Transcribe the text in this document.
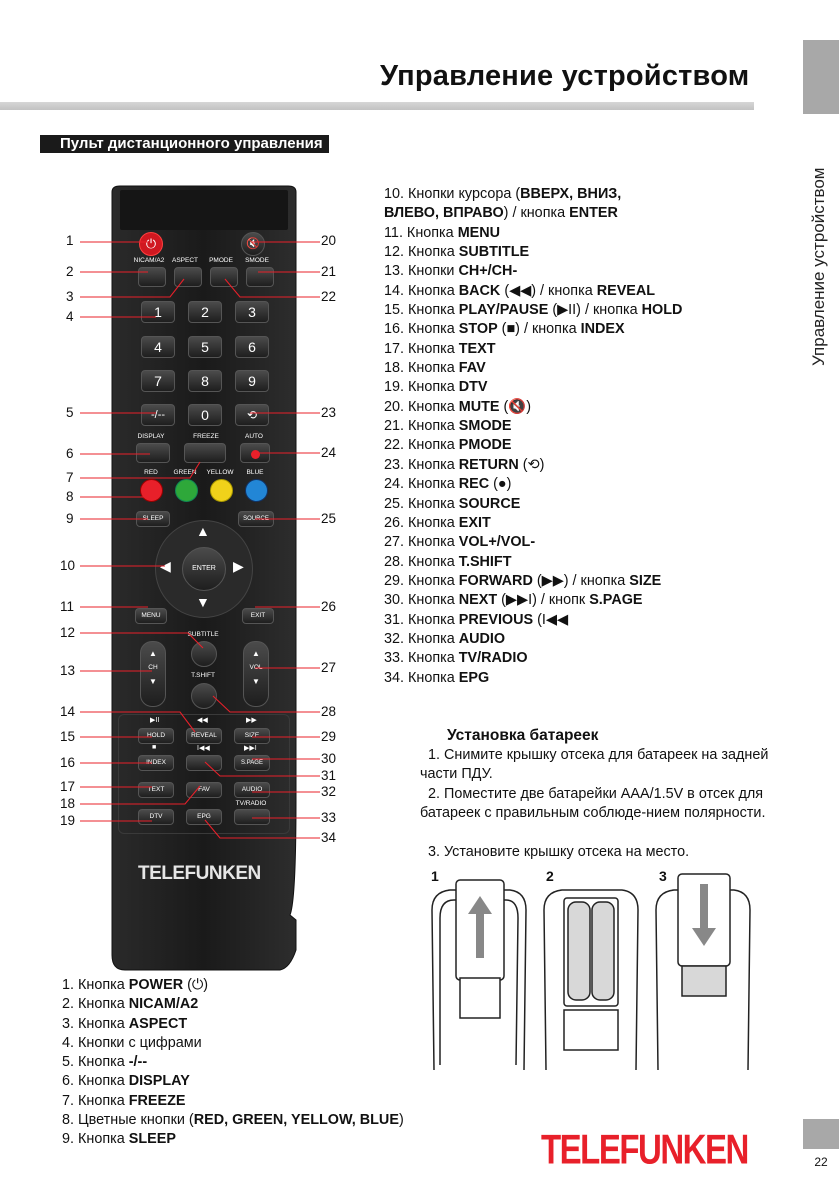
Управление устройством
Управление устройством
Пульт дистанционного управления
⏻	🔇
NICAM/A2	ASPECT	PMODE	SMODE
1	2	3
4	5	6
7	8	9
-/--	0	⟲
DISPLAY	FREEZE	AUTO
RED	GREEN	YELLOW	BLUE
SLEEP	SOURCE
ENTER
▲
▼
◀	▶
MENU	EXIT
SUBTITLE
▲
CH
▼
▲
VOL
▼
T.SHIFT
▶II	◀◀	▶▶
HOLD	REVEAL	SIZE
■	I◀◀	▶▶I
INDEX	S.PAGE
TEXT	FAV	AUDIO
TV/RADIO
DTV	EPG
TELEFUNKEN
1
2
3
4
5
6
7
8
9
10
11
12
13
14
15
16
17
18
19
20
21
22
23
24
25
26
27
28
29
30
31
32
33
34
10. Кнопки курсора (ВВЕРХ, ВНИЗ,
ВЛЕВО, ВПРАВО) / кнопка ENTER
11. Кнопка MENU
12. Кнопка SUBTITLE
13. Кнопки CH+/CH-
14. Кнопка BACK (◀◀) / кнопка REVEAL
15. Кнопка PLAY/PAUSE (▶II) / кнопка HOLD
16. Кнопка STOP (■) / кнопка INDEX
17. Кнопка TEXT
18. Кнопка FAV
19. Кнопка DTV
20. Кнопка MUTE (🔇)
21. Кнопка SMODE
22. Кнопка PMODE
23. Кнопка RETURN (⟲)
24. Кнопка REC (●)
25. Кнопка SOURCE
26. Кнопка EXIT
27. Кнопка VOL+/VOL-
28. Кнопка T.SHIFT
29. Кнопка FORWARD (▶▶) / кнопка SIZE
30. Кнопка NEXT (▶▶I) / кнопк S.PAGE
31. Кнопка PREVIOUS (I◀◀
32. Кнопка AUDIO
33. Кнопка TV/RADIO
34. Кнопка EPG
1. Кнопка POWER (⏻)
2. Кнопка NICAM/A2
3. Кнопка ASPECT
4. Кнопки с цифрами
5. Кнопка -/--
6. Кнопка DISPLAY
7. Кнопка FREEZE
8. Цветные кнопки (RED, GREEN, YELLOW, BLUE)
9. Кнопка SLEEP
Установка батареек
1. Снимите крышку отсека для батареек на задней части ПДУ.
2. Поместите две батарейки AAA/1.5V в отсек для батареек с правильным соблюде-нием полярности.
3. Установите крышку отсека на место.
1	2	3
TELEFUNKEN	22
